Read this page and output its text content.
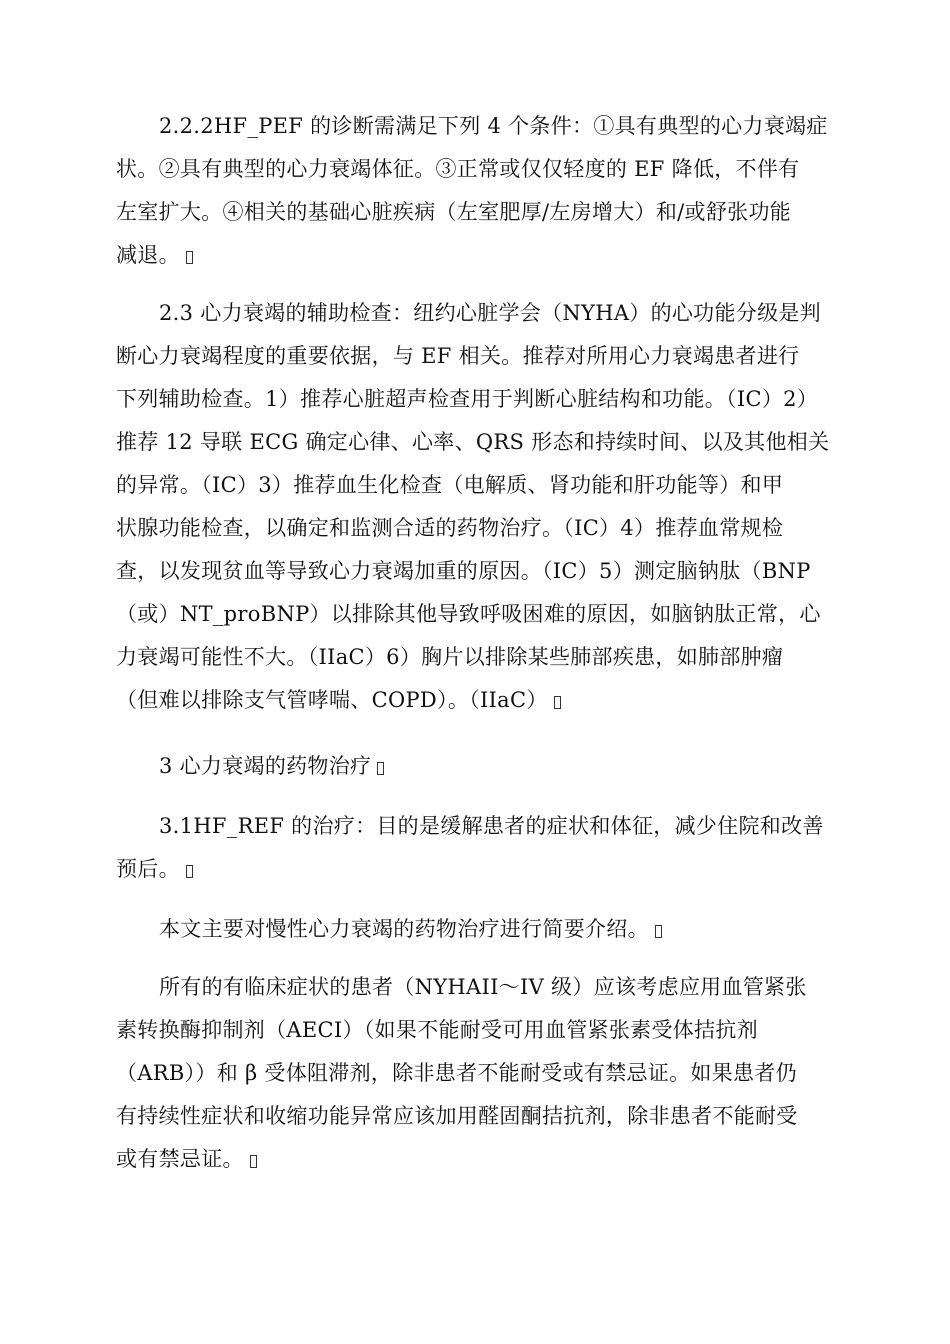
2.2.2HF_PEF 的诊断需满足下列 4 个条件：①具有典型的心力衰竭症
状。②具有典型的心力衰竭体征。③正常或仅仅轻度的 EF 降低，不伴有
左室扩大。④相关的基础心脏疾病（左室肥厚/左房增大）和/或舒张功能
减退。

2.3 心力衰竭的辅助检查：纽约心脏学会（NYHA）的心功能分级是判
断心力衰竭程度的重要依据，与 EF 相关。推荐对所用心力衰竭患者进行
下列辅助检查。1）推荐心脏超声检查用于判断心脏结构和功能。（IC）2）
推荐 12 导联 ECG 确定心律、心率、QRS 形态和持续时间、以及其他相关
的异常。（IC）3）推荐血生化检查（电解质、肾功能和肝功能等）和甲
状腺功能检查，以确定和监测合适的药物治疗。（IC）4）推荐血常规检
查，以发现贫血等导致心力衰竭加重的原因。（IC）5）测定脑钠肽（BNP
（或）NT_proBNP）以排除其他导致呼吸困难的原因，如脑钠肽正常，心
力衰竭可能性不大。（IIaC）6）胸片以排除某些肺部疾患，如肺部肿瘤
（但难以排除支气管哮喘、COPD）。（IIaC）

3 心力衰竭的药物治疗

3.1HF_REF 的治疗：目的是缓解患者的症状和体征，减少住院和改善
预后。

本文主要对慢性心力衰竭的药物治疗进行简要介绍。

所有的有临床症状的患者（NYHAII～IV 级）应该考虑应用血管紧张
素转换酶抑制剂（AECI）（如果不能耐受可用血管紧张素受体拮抗剂
（ARB））和 β 受体阻滞剂，除非患者不能耐受或有禁忌证。如果患者仍
有持续性症状和收缩功能异常应该加用醛固酮拮抗剂，除非患者不能耐受
或有禁忌证。
